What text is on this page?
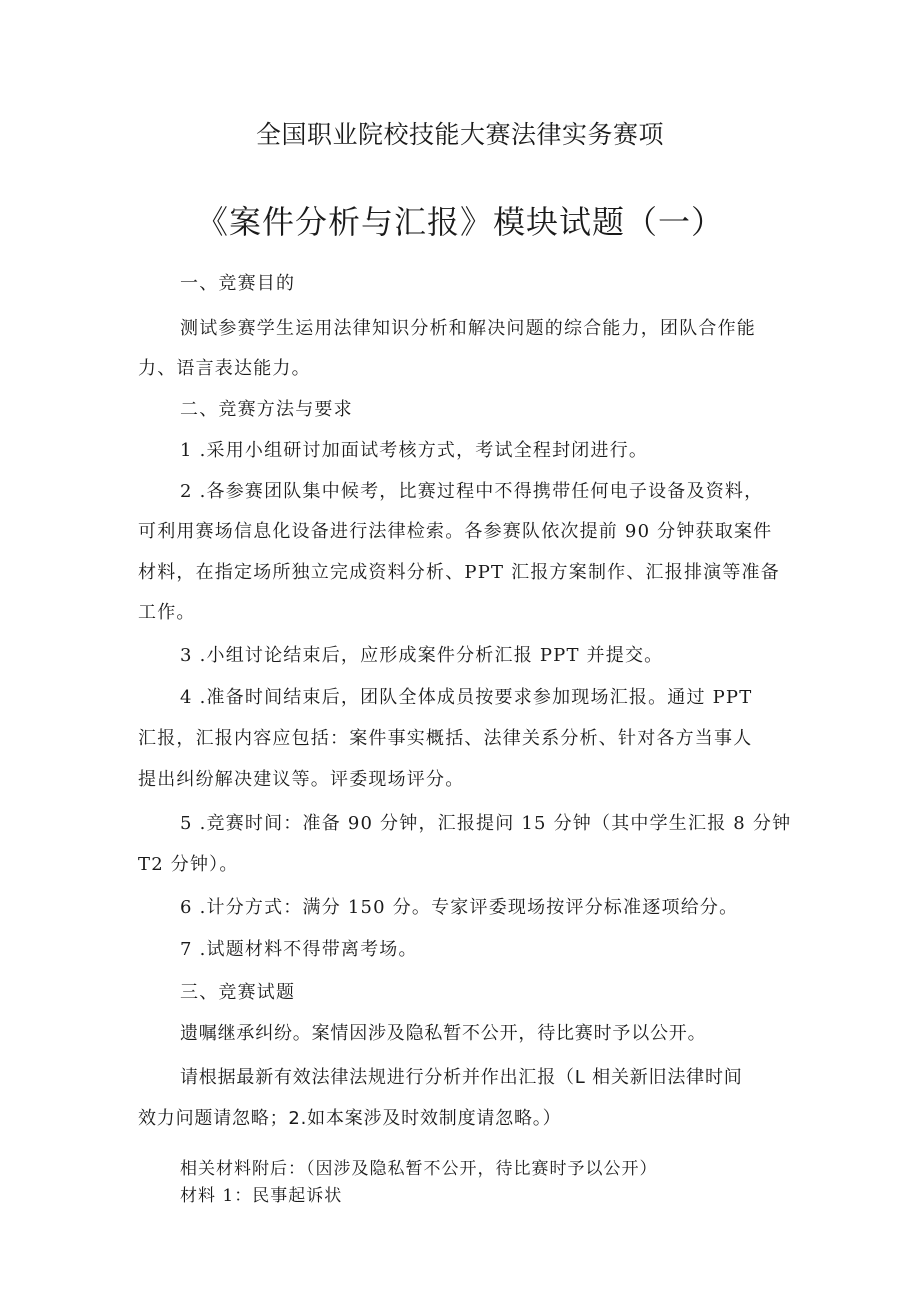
全国职业院校技能大赛法律实务赛项
《案件分析与汇报》模块试题（一）
一、竞赛目的
测试参赛学生运用法律知识分析和解决问题的综合能力，团队合作能
力、语言表达能力。
二、竞赛方法与要求
1 .采用小组研讨加面试考核方式，考试全程封闭进行。
2 .各参赛团队集中候考，比赛过程中不得携带任何电子设备及资料，
可利用赛场信息化设备进行法律检索。各参赛队依次提前 90 分钟获取案件
材料，在指定场所独立完成资料分析、PPT 汇报方案制作、汇报排演等准备
工作。
3 .小组讨论结束后，应形成案件分析汇报 PPT 并提交。
4 .准备时间结束后，团队全体成员按要求参加现场汇报。通过 PPT
汇报，汇报内容应包括：案件事实概括、法律关系分析、针对各方当事人
提出纠纷解决建议等。评委现场评分。
5 .竞赛时间：准备 90 分钟，汇报提问 15 分钟（其中学生汇报 8 分钟
T2 分钟）。
6 .计分方式：满分 150 分。专家评委现场按评分标准逐项给分。
7 .试题材料不得带离考场。
三、竞赛试题
遗嘱继承纠纷。案情因涉及隐私暂不公开，待比赛时予以公开。
请根据最新有效法律法规进行分析并作出汇报（L 相关新旧法律时间
效力问题请忽略；2.如本案涉及时效制度请忽略。）
相关材料附后：（因涉及隐私暂不公开，待比赛时予以公开）
材料 1：民事起诉状
